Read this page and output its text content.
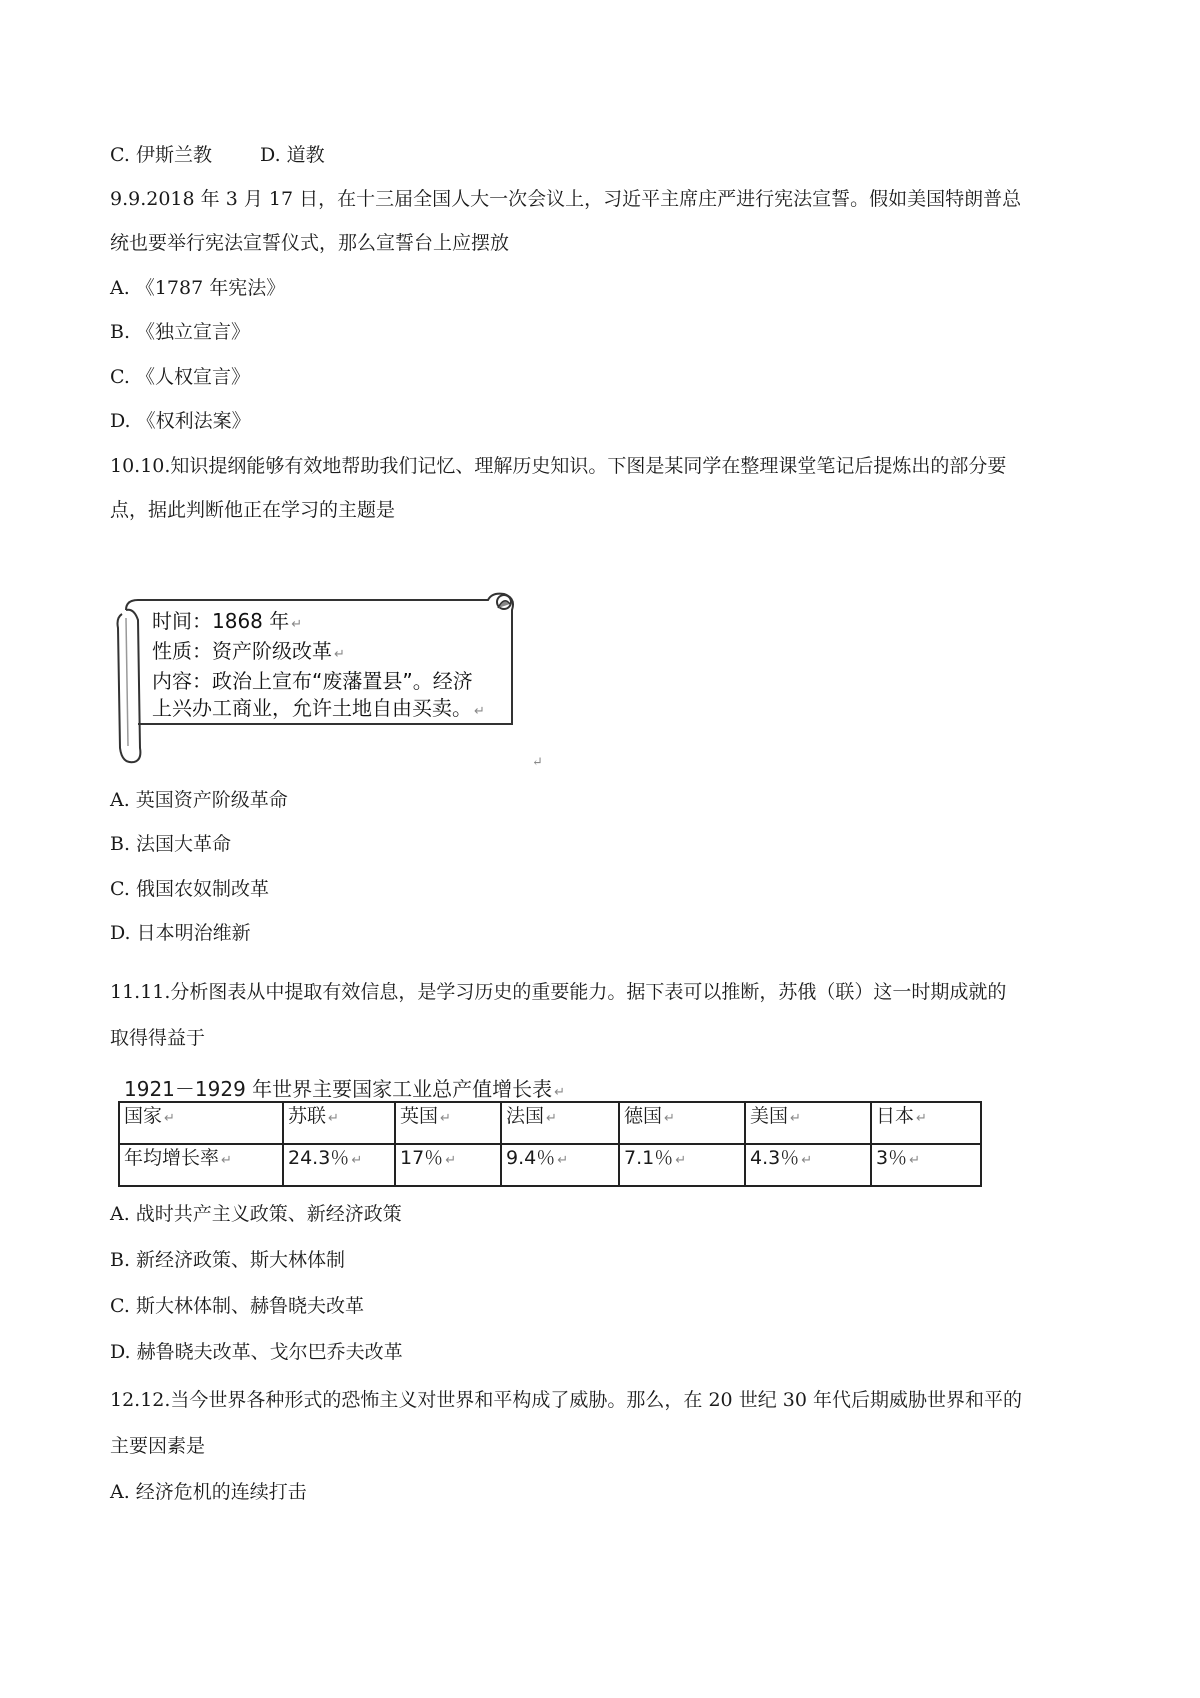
C. 伊斯兰教	D. 道教
9.9.2018 年 3 月 17 日，在十三届全国人大一次会议上，习近平主席庄严进行宪法宣誓。假如美国特朗普总
统也要举行宪法宣誓仪式，那么宣誓台上应摆放
A. 《1787 年宪法》
B. 《独立宣言》
C. 《人权宣言》
D. 《权利法案》
10.10.知识提纲能够有效地帮助我们记忆、理解历史知识。下图是某同学在整理课堂笔记后提炼出的部分要
点，据此判断他正在学习的主题是
时间：1868 年 ↵
性质：资产阶级改革 ↵
内容：政治上宣布“废藩置县”。经济
上兴办工商业，允许土地自由买卖。 ↵
↵
A. 英国资产阶级革命
B. 法国大革命
C. 俄国农奴制改革
D. 日本明治维新
11.11.分析图表从中提取有效信息，是学习历史的重要能力。据下表可以推断，苏俄（联）这一时期成就的
取得得益于
1921－1929 年世界主要国家工业总产值增长表 ↵
国家 ↵	苏联 ↵	英国 ↵	法国 ↵	德国 ↵	美国 ↵	日本 ↵
年均增长率 ↵	24.3％ ↵	17％ ↵	9.4％ ↵	7.1％ ↵	4.3％ ↵	3％ ↵
A. 战时共产主义政策、新经济政策
B. 新经济政策、斯大林体制
C. 斯大林体制、赫鲁晓夫改革
D. 赫鲁晓夫改革、戈尔巴乔夫改革
12.12.当今世界各种形式的恐怖主义对世界和平构成了威胁。那么，在 20 世纪 30 年代后期威胁世界和平的
主要因素是
A. 经济危机的连续打击
